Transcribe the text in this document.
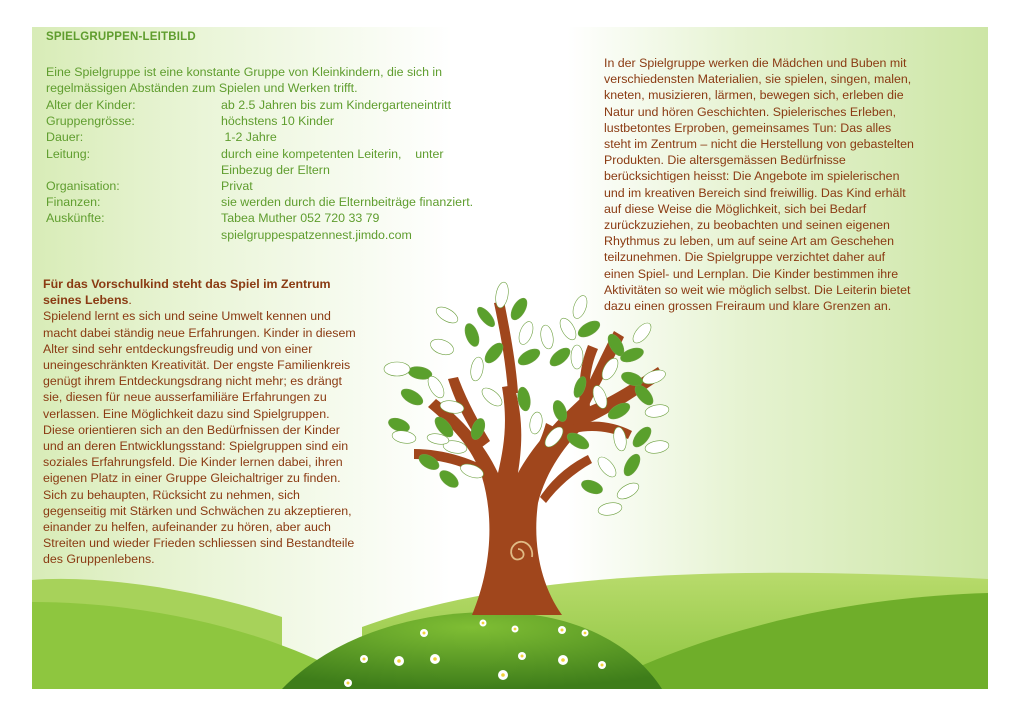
SPIELGRUPPEN-LEITBILD

Eine Spielgruppe ist eine konstante Gruppe von Kleinkindern, die sich in regelmässigen Abständen zum Spielen und Werken trifft.

Alter der Kinder:	ab 2.5 Jahren bis zum Kindergarteneintritt
Gruppengrösse:	höchstens 10 Kinder
Dauer:	1-2 Jahre
Leitung:	durch eine kompetenten Leiterin,    unter
Einbezug der Eltern
Organisation:	Privat
Finanzen:	sie werden durch die Elternbeiträge finanziert.
Auskünfte:	Tabea Muther 052 720 33 79
spielgruppespatzennest.jimdo.com
Für das Vorschulkind steht das Spiel im Zentrum seines Lebens.
Spielend lernt es sich und seine Umwelt kennen und macht dabei ständig neue Erfahrungen. Kinder in diesem Alter sind sehr entdeckungsfreudig und von einer uneingeschränkten Kreativität. Der engste Familienkreis genügt ihrem Entdeckungsdrang nicht mehr; es drängt sie, diesen für neue ausserfamiliäre Erfahrungen zu verlassen. Eine Möglichkeit dazu sind Spielgruppen. Diese orientieren sich an den Bedürfnissen der Kinder und an deren Entwicklungsstand: Spielgruppen sind ein soziales Erfahrungsfeld. Die Kinder lernen dabei, ihren eigenen Platz in einer Gruppe Gleichaltriger zu finden. Sich zu behaupten, Rücksicht zu nehmen, sich gegenseitig mit Stärken und Schwächen zu akzeptieren, einander zu helfen, aufeinander zu hören, aber auch Streiten und wieder Frieden schliessen sind Bestandteile des Gruppenlebens.

In der Spielgruppe werken die Mädchen und Buben mit verschiedensten Materialien, sie spielen, singen, malen, kneten, musizieren, lärmen, bewegen sich, erleben die Natur und hören Geschichten. Spielerisches Erleben, lustbetontes Erproben, gemeinsames Tun: Das alles steht im Zentrum – nicht die Herstellung von gebastelten Produkten. Die altersgemässen Bedürfnisse berücksichtigen heisst: Die Angebote im spielerischen und im kreativen Bereich sind freiwillig. Das Kind erhält auf diese Weise die Möglichkeit, sich bei Bedarf zurückzuziehen, zu beobachten und seinen eigenen Rhythmus zu leben, um auf seine Art am Geschehen teilzunehmen. Die Spielgruppe verzichtet daher auf einen Spiel- und Lernplan. Die Kinder bestimmen ihre Aktivitäten so weit wie möglich selbst. Die Leiterin bietet dazu einen grossen Freiraum und klare Grenzen an.
